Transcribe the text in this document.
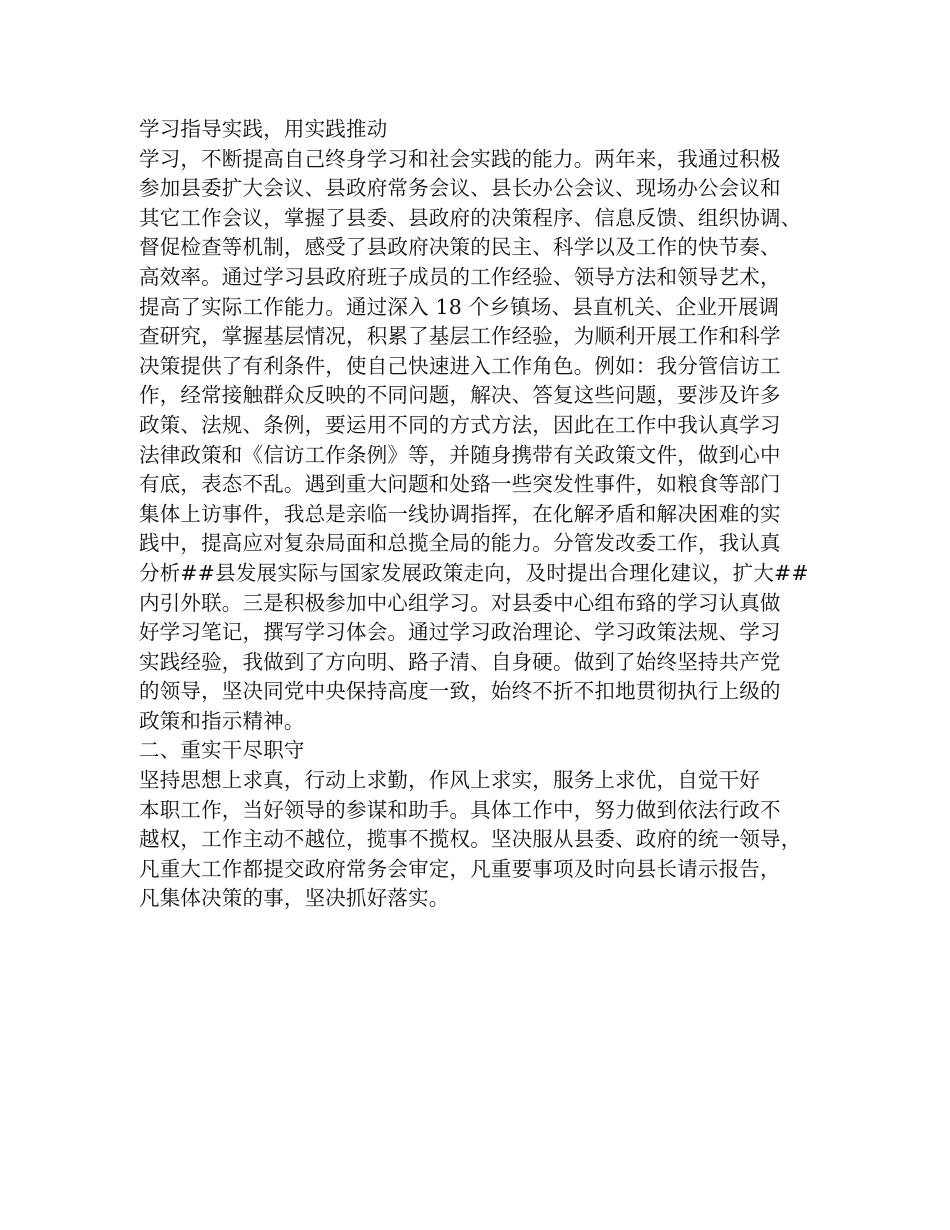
学习指导实践，用实践推动
学习，不断提高自己终身学习和社会实践的能力。两年来，我通过积极
参加县委扩大会议、县政府常务会议、县长办公会议、现场办公会议和
其它工作会议，掌握了县委、县政府的决策程序、信息反馈、组织协调、
督促检查等机制，感受了县政府决策的民主、科学以及工作的快节奏、
高效率。通过学习县政府班子成员的工作经验、领导方法和领导艺术，
提高了实际工作能力。通过深入 18 个乡镇场、县直机关、企业开展调
查研究，掌握基层情况，积累了基层工作经验，为顺利开展工作和科学
决策提供了有利条件，使自己快速进入工作角色。例如：我分管信访工
作，经常接触群众反映的不同问题，解决、答复这些问题，要涉及许多
政策、法规、条例，要运用不同的方式方法，因此在工作中我认真学习
法律政策和《信访工作条例》等，并随身携带有关政策文件，做到心中
有底，表态不乱。遇到重大问题和处臵一些突发性事件，如粮食等部门
集体上访事件，我总是亲临一线协调指挥，在化解矛盾和解决困难的实
践中，提高应对复杂局面和总揽全局的能力。分管发改委工作，我认真
分析##县发展实际与国家发展政策走向，及时提出合理化建议，扩大##
内引外联。三是积极参加中心组学习。对县委中心组布臵的学习认真做
好学习笔记，撰写学习体会。通过学习政治理论、学习政策法规、学习
实践经验，我做到了方向明、路子清、自身硬。做到了始终坚持共产党
的领导，坚决同党中央保持高度一致，始终不折不扣地贯彻执行上级的
政策和指示精神。
二、重实干尽职守
坚持思想上求真，行动上求勤，作风上求实，服务上求优，自觉干好
本职工作，当好领导的参谋和助手。具体工作中，努力做到依法行政不
越权，工作主动不越位，揽事不揽权。坚决服从县委、政府的统一领导，
凡重大工作都提交政府常务会审定，凡重要事项及时向县长请示报告，
凡集体决策的事，坚决抓好落实。
